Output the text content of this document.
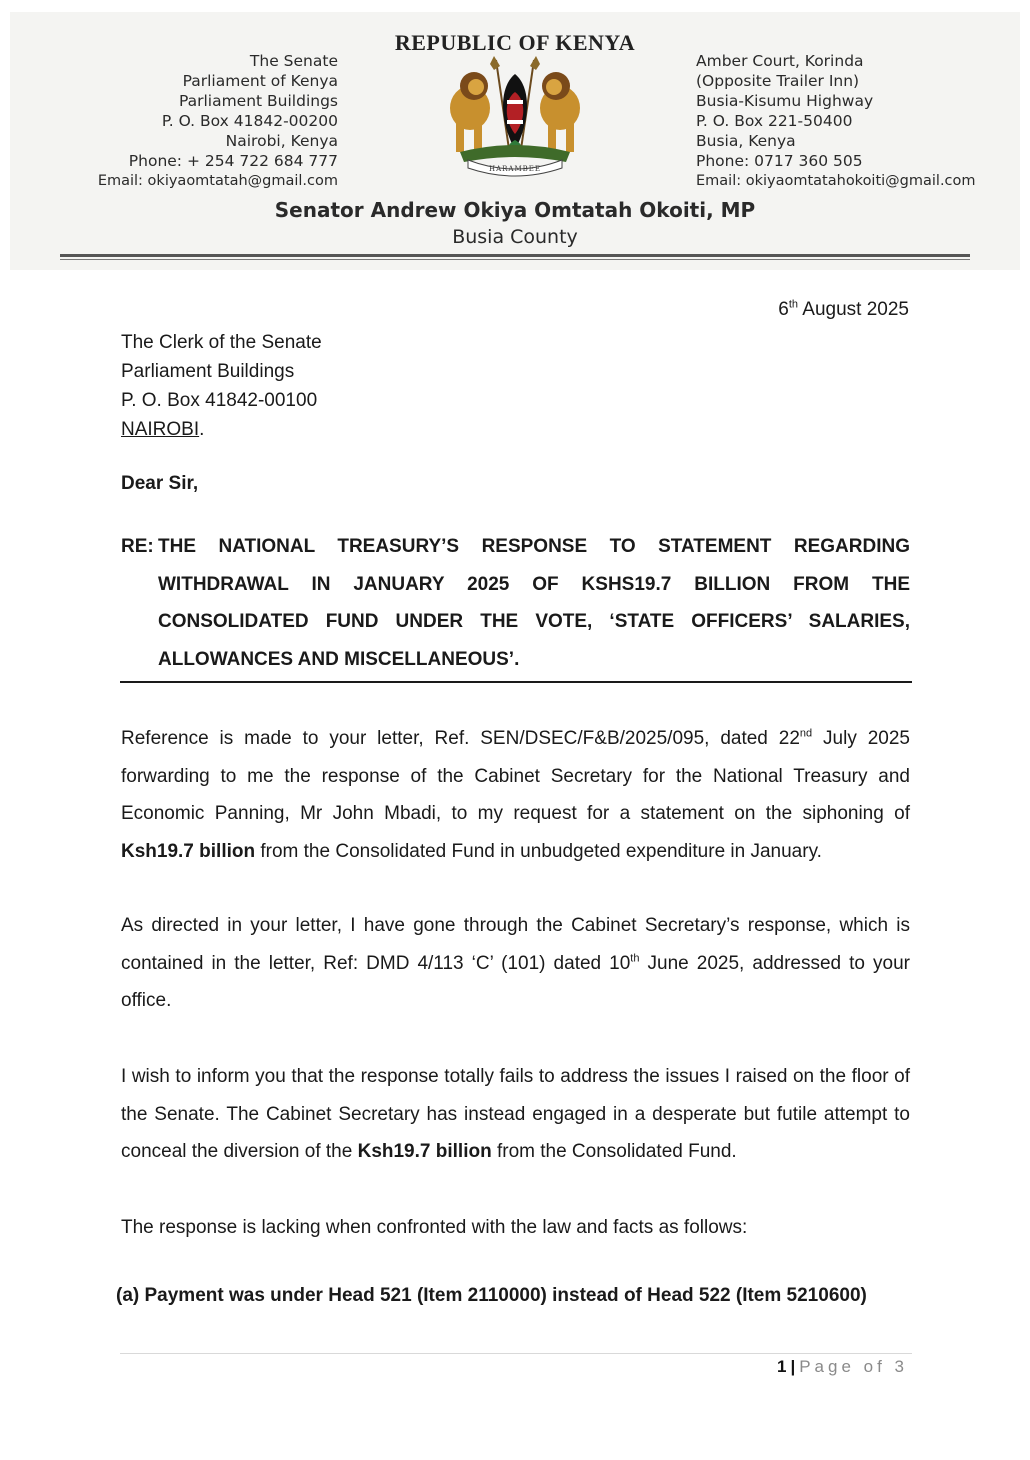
REPUBLIC OF KENYA
The Senate
Parliament of Kenya
Parliament Buildings
P. O. Box 41842-00200
Nairobi, Kenya
Phone: + 254 722 684 777
Email: okiyaomtatah@gmail.com
Amber Court, Korinda
(Opposite Trailer Inn)
Busia-Kisumu Highway
P. O. Box 221-50400
Busia, Kenya
Phone: 0717 360 505
Email: okiyaomtatahokoiti@gmail.com
HARAMBEE
Senator Andrew Okiya Omtatah Okoiti, MP
Busia County
6th August 2025
The Clerk of the Senate
Parliament Buildings
P. O. Box 41842-00100
NAIROBI.
Dear Sir,
RE: THE NATIONAL TREASURY’S RESPONSE TO STATEMENT REGARDING WITHDRAWAL IN JANUARY 2025 OF KSHS19.7 BILLION FROM THE CONSOLIDATED FUND UNDER THE VOTE, ‘STATE OFFICERS’ SALARIES, ALLOWANCES AND MISCELLANEOUS’.
Reference is made to your letter, Ref. SEN/DSEC/F&B/2025/095, dated 22nd July 2025 forwarding to me the response of the Cabinet Secretary for the National Treasury and Economic Panning, Mr John Mbadi, to my request for a statement on the siphoning of Ksh19.7 billion from the Consolidated Fund in unbudgeted expenditure in January.
As directed in your letter, I have gone through the Cabinet Secretary’s response, which is contained in the letter, Ref: DMD 4/113 ‘C’ (101) dated 10th June 2025, addressed to your office.
I wish to inform you that the response totally fails to address the issues I raised on the floor of the Senate. The Cabinet Secretary has instead engaged in a desperate but futile attempt to conceal the diversion of the Ksh19.7 billion from the Consolidated Fund.
The response is lacking when confronted with the law and facts as follows:
(a) Payment was under Head 521 (Item 2110000) instead of Head 522 (Item 5210600)
1 | Page of 3
